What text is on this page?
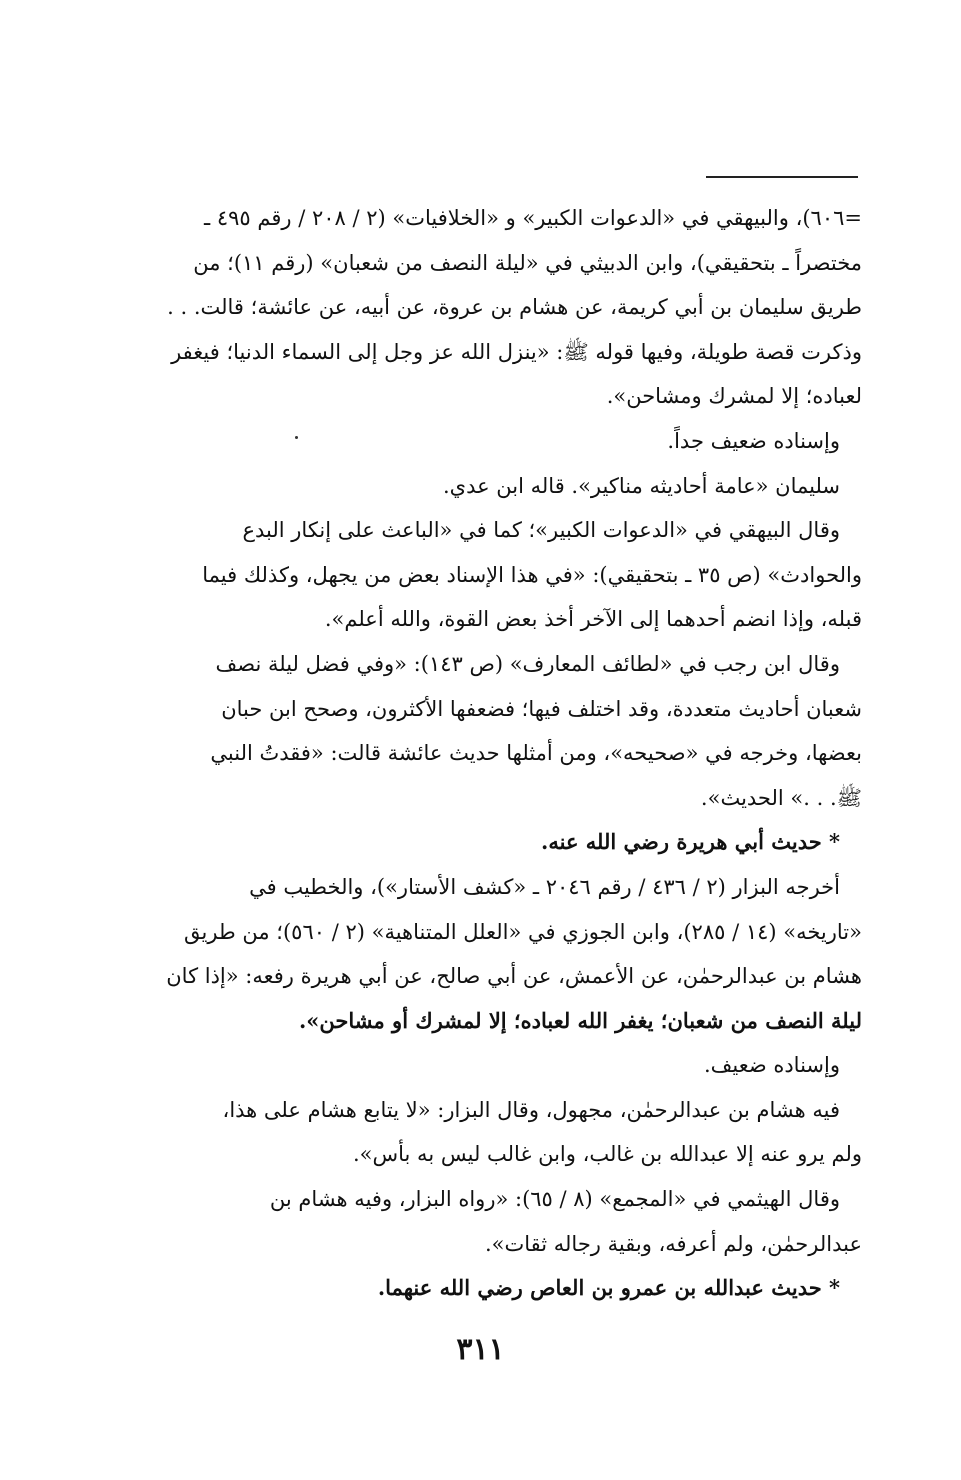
=٦٠٦)، والبيهقي في «الدعوات الكبير» و «الخلافيات» (٢ / ٢٠٨ / رقم ٤٩٥ ـ
مختصراً ـ بتحقيقي)، وابن الدبيثي في «ليلة النصف من شعبان» (رقم ١١)؛ من
طريق سليمان بن أبي كريمة، عن هشام بن عروة، عن أبيه، عن عائشة؛ قالت. . .
وذكرت قصة طويلة، وفيها قوله ﷺ: «ينزل الله عز وجل إلى السماء الدنيا؛ فيغفر
لعباده؛ إلا لمشرك ومشاحن».
وإسناده ضعيف جداً.
سليمان «عامة أحاديثه مناكير». قاله ابن عدي.
وقال البيهقي في «الدعوات الكبير»؛ كما في «الباعث على إنكار البدع
والحوادث» (ص ٣٥ ـ بتحقيقي): «في هذا الإسناد بعض من يجهل، وكذلك فيما
قبله، وإذا انضم أحدهما إلى الآخر أخذ بعض القوة، والله أعلم».
وقال ابن رجب في «لطائف المعارف» (ص ١٤٣): «وفي فضل ليلة نصف
شعبان أحاديث متعددة، وقد اختلف فيها؛ فضعفها الأكثرون، وصحح ابن حبان
بعضها، وخرجه في «صحيحه»، ومن أمثلها حديث عائشة قالت: «فقدتُ النبي
ﷺ. . .» الحديث».
* حديث أبي هريرة رضي الله عنه.
أخرجه البزار (٢ / ٤٣٦ / رقم ٢٠٤٦ ـ «كشف الأستار»)، والخطيب في
«تاريخه» (١٤ / ٢٨٥)، وابن الجوزي في «العلل المتناهية» (٢ / ٥٦٠)؛ من طريق
هشام بن عبدالرحمٰن، عن الأعمش، عن أبي صالح، عن أبي هريرة رفعه: «إذا كان
ليلة النصف من شعبان؛ يغفر الله لعباده؛ إلا لمشرك أو مشاحن».
وإسناده ضعيف.
فيه هشام بن عبدالرحمٰن، مجهول، وقال البزار: «لا يتابع هشام على هذا،
ولم يرو عنه إلا عبدالله بن غالب، وابن غالب ليس به بأس».
وقال الهيثمي في «المجمع» (٨ / ٦٥): «رواه البزار، وفيه هشام بن
عبدالرحمٰن، ولم أعرفه، وبقية رجاله ثقات».
* حديث عبدالله بن عمرو بن العاص رضي الله عنهما.
٣١١
